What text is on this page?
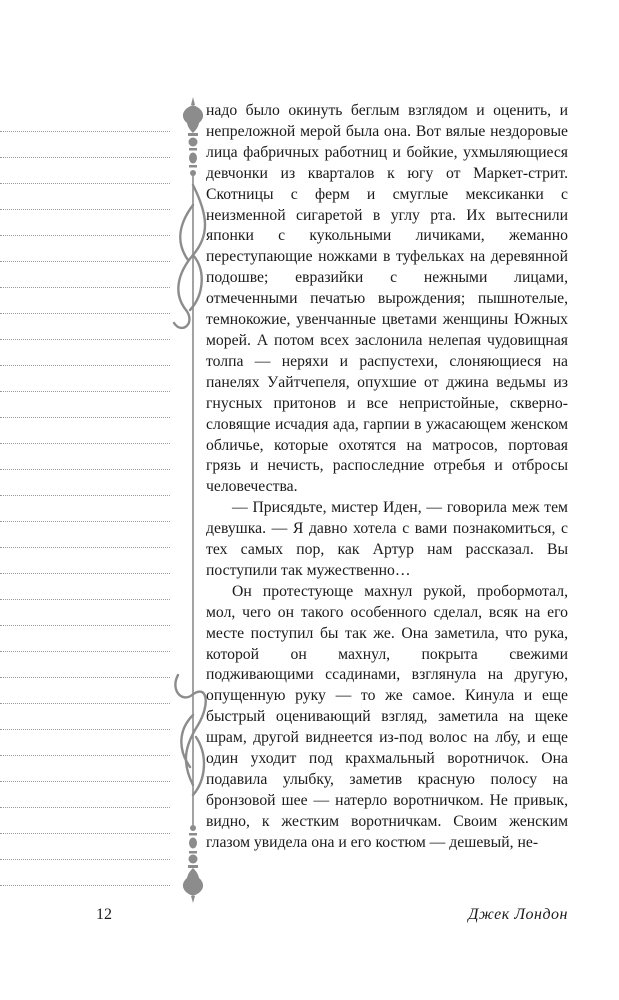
надо было окинуть беглым взглядом и оценить, и непреложной мерой была она. Вот вялые нездоровые лица фабричных работниц и бойкие, ухмыляющиеся девчонки из кварталов к югу от Маркет-стрит. Скотницы с ферм и смуглые мексиканки с неизменной сигаретой в углу рта. Их вытеснили японки с кукольными личиками, жеманно переступающие ножками в туфельках на деревянной подошве; евразийки с нежными лицами, отмеченными печатью вырождения; пышнотелые, темнокожие, увенчанные цветами женщины Южных морей. А потом всех заслонила нелепая чудовищная толпа — неряхи и распустехи, слоняющиеся на панелях Уайтчепеля, опухшие от джина ведьмы из гнусных притонов и все непристойные, сквернословящие исчадия ада, гарпии в ужасающем женском обличье, которые охотятся на матросов, портовая грязь и нечисть, распоследние отребья и отбросы человечества.

— Присядьте, мистер Иден, — говорила меж тем девушка. — Я давно хотела с вами познакомиться, с тех самых пор, как Артур нам рассказал. Вы поступили так мужественно…

Он протестующе махнул рукой, пробормотал, мол, чего он такого особенного сделал, всяк на его месте поступил бы так же. Она заметила, что рука, которой он махнул, покрыта свежими подживающими ссадинами, взглянула на другую, опущенную руку — то же самое. Кинула и еще быстрый оценивающий взгляд, заметила на щеке шрам, другой виднеется из-под волос на лбу, и еще один уходит под крахмальный воротничок. Она подавила улыбку, заметив красную полосу на бронзовой шее — натерло воротничком. Не привык, видно, к жестким воротничкам. Своим женским глазом увидела она и его костюм — дешевый, не-

12	Джек Лондон
